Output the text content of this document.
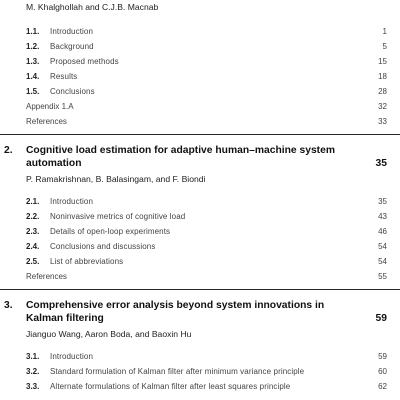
M. Khalghollah and C.J.B. Macnab
1.1. Introduction	1
1.2. Background	5
1.3. Proposed methods	15
1.4. Results	18
1.5. Conclusions	28
Appendix 1.A	32
References	33
2. Cognitive load estimation for adaptive human–machine system
automation	35
P. Ramakrishnan, B. Balasingam, and F. Biondi
2.1. Introduction	35
2.2. Noninvasive metrics of cognitive load	43
2.3. Details of open-loop experiments	46
2.4. Conclusions and discussions	54
2.5. List of abbreviations	54
References	55
3. Comprehensive error analysis beyond system innovations in
Kalman filtering	59
Jianguo Wang, Aaron Boda, and Baoxin Hu
3.1. Introduction	59
3.2. Standard formulation of Kalman filter after minimum variance principle	60
3.3. Alternate formulations of Kalman filter after least squares principle	62
